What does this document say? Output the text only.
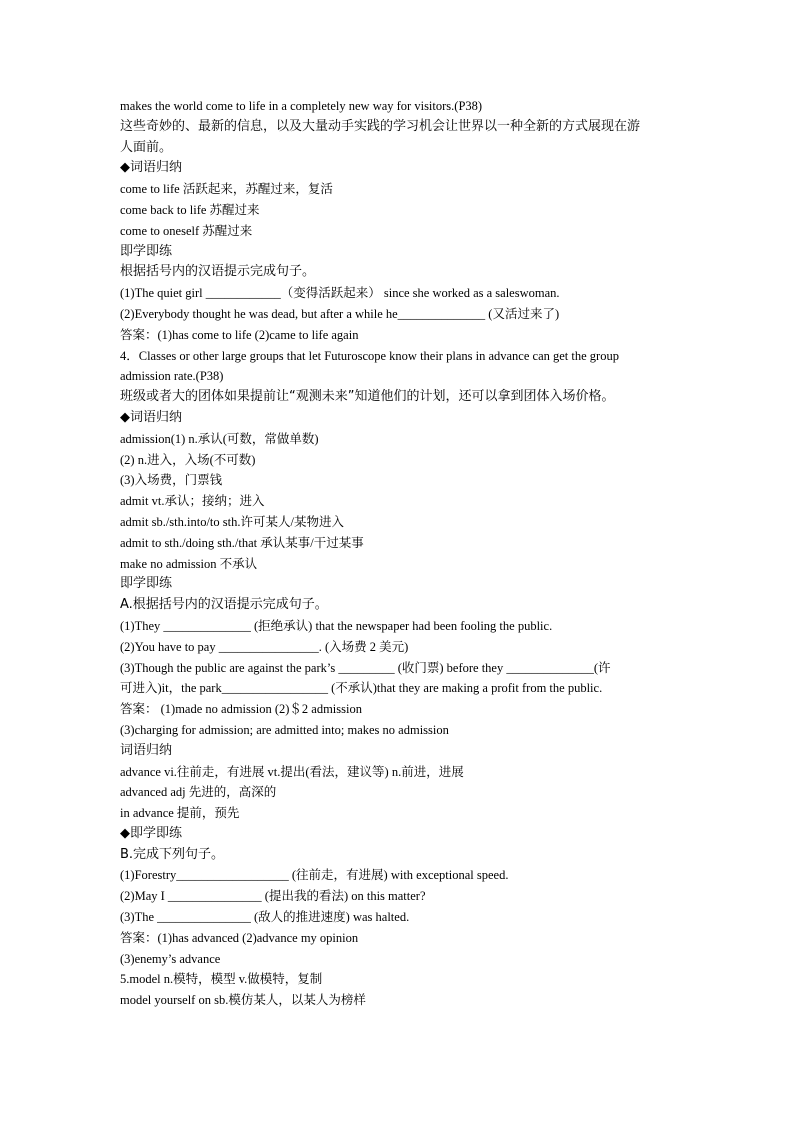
makes the world come to life in a completely new way for visitors.(P38)
这些奇妙的、最新的信息，以及大量动手实践的学习机会让世界以一种全新的方式展现在游
人面前。
◆词语归纳
come to life 活跃起来，苏醒过来，复活
come back to life 苏醒过来
come to oneself 苏醒过来
即学即练
根据括号内的汉语提示完成句子。
(1)The quiet girl ____________（变得活跃起来） since she worked as a saleswoman.
(2)Everybody thought he was dead, but after a while he______________ (又活过来了)
答案：(1)has come to life (2)came to life again
4．Classes or other large groups that let Futuroscope know their plans in advance can get the group
admission rate.(P38)
班级或者大的团体如果提前让“观测未来”知道他们的计划，还可以拿到团体入场价格。
◆词语归纳
admission(1) n.承认(可数，常做单数)
(2) n.进入，入场(不可数)
(3)入场费，门票钱
admit vt.承认；接纳；进入
admit sb./sth.into/to sth.许可某人/某物进入
admit to sth./doing sth./that 承认某事/干过某事
make no admission 不承认
即学即练
A.根据括号内的汉语提示完成句子。
(1)They ______________ (拒绝承认) that the newspaper had been fooling the public.
(2)You have to pay ________________. (入场费 2 美元)
(3)Though the public are against the park’s _________ (收门票) before they ______________(许
可进入)it，the park_________________ (不承认)that they are making a profit from the public.
答案： (1)made no admission (2)＄2 admission
(3)charging for admission; are admitted into; makes no admission
词语归纳
advance vi.往前走，有进展 vt.提出(看法，建议等) n.前进，进展
advanced adj 先进的，高深的
in advance 提前，预先
◆即学即练
B.完成下列句子。
(1)Forestry__________________ (往前走，有进展) with exceptional speed.
(2)May I _______________ (提出我的看法) on this matter?
(3)The _______________ (敌人的推进速度) was halted.
答案：(1)has advanced (2)advance my opinion
(3)enemy’s advance
5.model n.模特，模型 v.做模特，复制
model yourself on sb.模仿某人，以某人为榜样
